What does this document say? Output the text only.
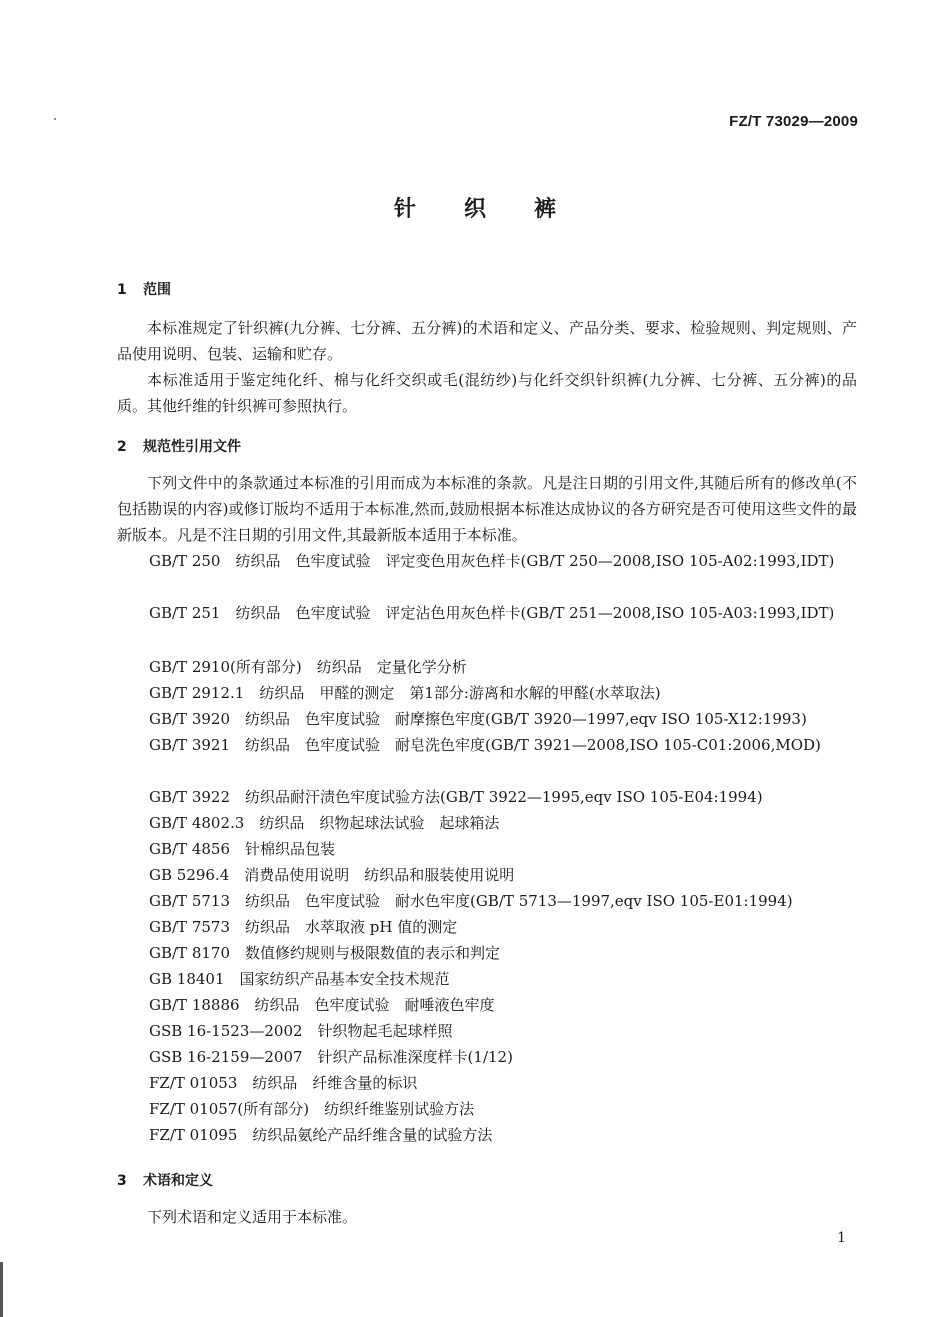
FZ/T 73029—2009
针织裤
1 范围
本标准规定了针织裤(九分裤、七分裤、五分裤)的术语和定义、产品分类、要求、检验规则、判定规则、产品使用说明、包装、运输和贮存。
本标准适用于鉴定纯化纤、棉与化纤交织或毛(混纺纱)与化纤交织针织裤(九分裤、七分裤、五分裤)的品质。其他纤维的针织裤可参照执行。
2 规范性引用文件
下列文件中的条款通过本标准的引用而成为本标准的条款。凡是注日期的引用文件,其随后所有的修改单(不包括勘误的内容)或修订版均不适用于本标准,然而,鼓励根据本标准达成协议的各方研究是否可使用这些文件的最新版本。凡是不注日期的引用文件,其最新版本适用于本标准。
GB/T 250　纺织品　色牢度试验　评定变色用灰色样卡(GB/T 250—2008,ISO 105-A02:1993,IDT)
GB/T 251　纺织品　色牢度试验　评定沾色用灰色样卡(GB/T 251—2008,ISO 105-A03:1993,IDT)
GB/T 2910(所有部分)　纺织品　定量化学分析
GB/T 2912.1　纺织品　甲醛的测定　第1部分:游离和水解的甲醛(水萃取法)
GB/T 3920　纺织品　色牢度试验　耐摩擦色牢度(GB/T 3920—1997,eqv ISO 105-X12:1993)
GB/T 3921　纺织品　色牢度试验　耐皂洗色牢度(GB/T 3921—2008,ISO 105-C01:2006,MOD)
GB/T 3922　纺织品耐汗渍色牢度试验方法(GB/T 3922—1995,eqv ISO 105-E04:1994)
GB/T 4802.3　纺织品　织物起球法试验　起球箱法
GB/T 4856　针棉织品包装
GB 5296.4　消费品使用说明　纺织品和服装使用说明
GB/T 5713　纺织品　色牢度试验　耐水色牢度(GB/T 5713—1997,eqv ISO 105-E01:1994)
GB/T 7573　纺织品　水萃取液 pH 值的测定
GB/T 8170　数值修约规则与极限数值的表示和判定
GB 18401　国家纺织产品基本安全技术规范
GB/T 18886　纺织品　色牢度试验　耐唾液色牢度
GSB 16-1523—2002　针织物起毛起球样照
GSB 16-2159—2007　针织产品标准深度样卡(1/12)
FZ/T 01053　纺织品　纤维含量的标识
FZ/T 01057(所有部分)　纺织纤维鉴别试验方法
FZ/T 01095　纺织品氨纶产品纤维含量的试验方法
3 术语和定义
下列术语和定义适用于本标准。
1
